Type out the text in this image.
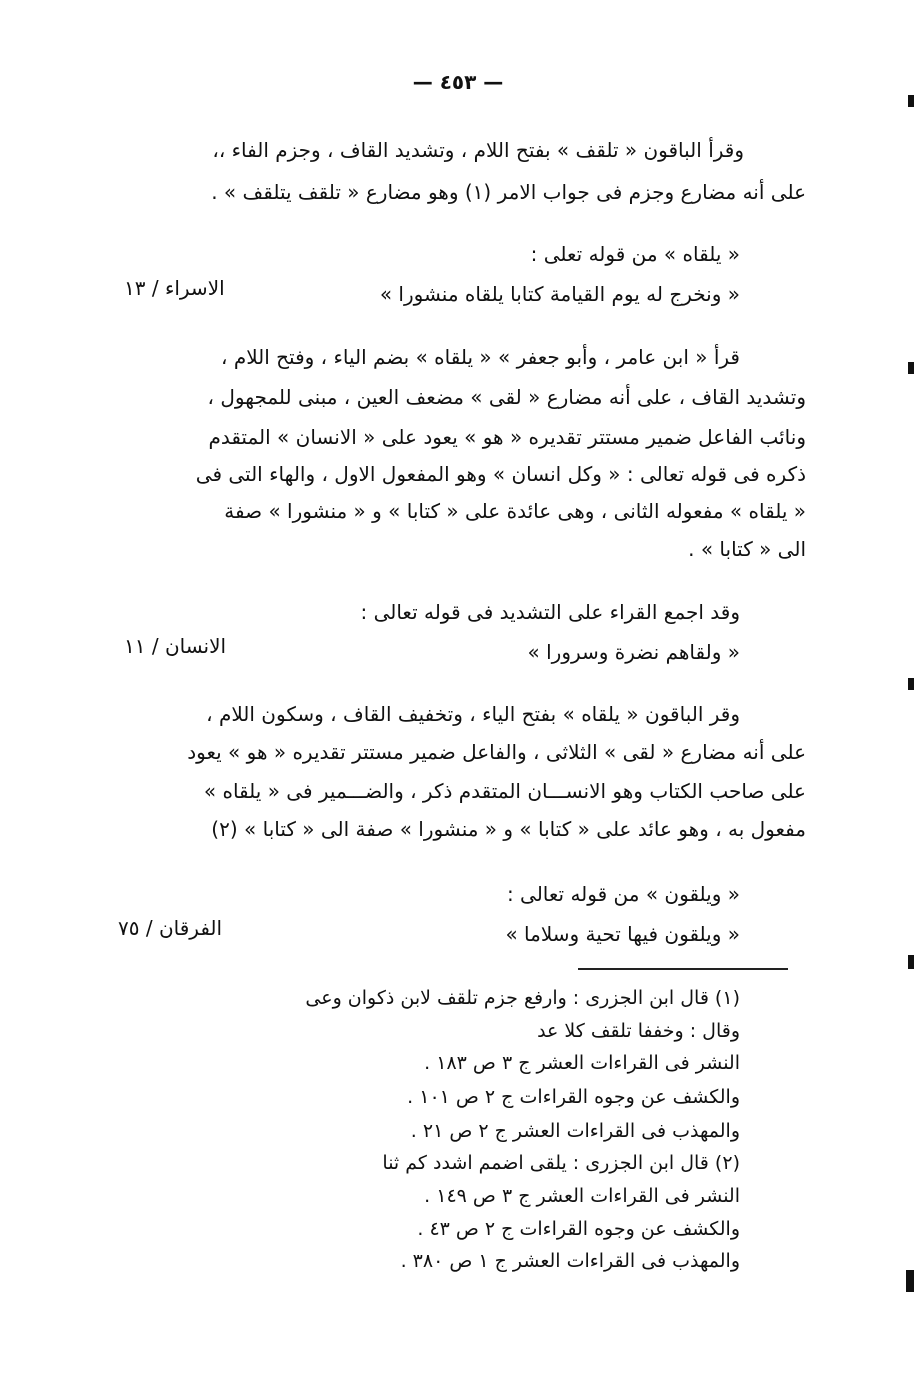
— ٤٥٣ —
وقرأ الباقون « تلقف » بفتح اللام ، وتشديد القاف ، وجزم الفاء ،،
على أنه مضارع وجزم فى جواب الامر (١) وهو مضارع « تلقف يتلقف » .
« يلقاه » من قوله تعلى :
« ونخرج له يوم القيامة كتابا يلقاه منشورا »
الاسراء / ١٣
قرأ « ابن عامر ، وأبو جعفر » « يلقاه » بضم الياء ، وفتح اللام ،
وتشديد القاف ، على أنه مضارع « لقى » مضعف العين ، مبنى للمجهول ،
ونائب الفاعل ضمير مستتر تقديره « هو » يعود على « الانسان » المتقدم
ذكره فى قوله تعالى : « وكل انسان » وهو المفعول الاول ، والهاء التى فى
« يلقاه » مفعوله الثانى ، وهى عائدة على « كتابا » و « منشورا » صفة
الى « كتابا » .
وقد اجمع القراء على التشديد فى قوله تعالى :
« ولقاهم نضرة وسرورا »
الانسان / ١١
وقر الباقون « يلقاه » بفتح الياء ، وتخفيف القاف ، وسكون اللام ،
على أنه مضارع « لقى » الثلاثى ، والفاعل ضمير مستتر تقديره « هو » يعود
على صاحب الكتاب وهو الانســـان المتقدم ذكر ، والضـــمير فى « يلقاه »
مفعول به ، وهو عائد على « كتابا » و « منشورا » صفة الى « كتابا » (٢)
« ويلقون » من قوله تعالى :
« ويلقون فيها تحية وسلاما »
الفرقان / ٧٥
(١) قال ابن الجزرى : وارفع جزم تلقف لابن ذكوان وعى
وقال : وخففا تلقف كلا عد
النشر فى القراءات العشر ج ٣ ص ١٨٣ .
والكشف عن وجوه القراءات ج ٢ ص ١٠١ .
والمهذب فى القراءات العشر ج ٢ ص ٢١ .
(٢) قال ابن الجزرى : يلقى اضمم اشدد كم ثنا
النشر فى القراءات العشر ج ٣ ص ١٤٩ .
والكشف عن وجوه القراءات ج ٢ ص ٤٣ .
والمهذب فى القراءات العشر ج ١ ص ٣٨٠ .
